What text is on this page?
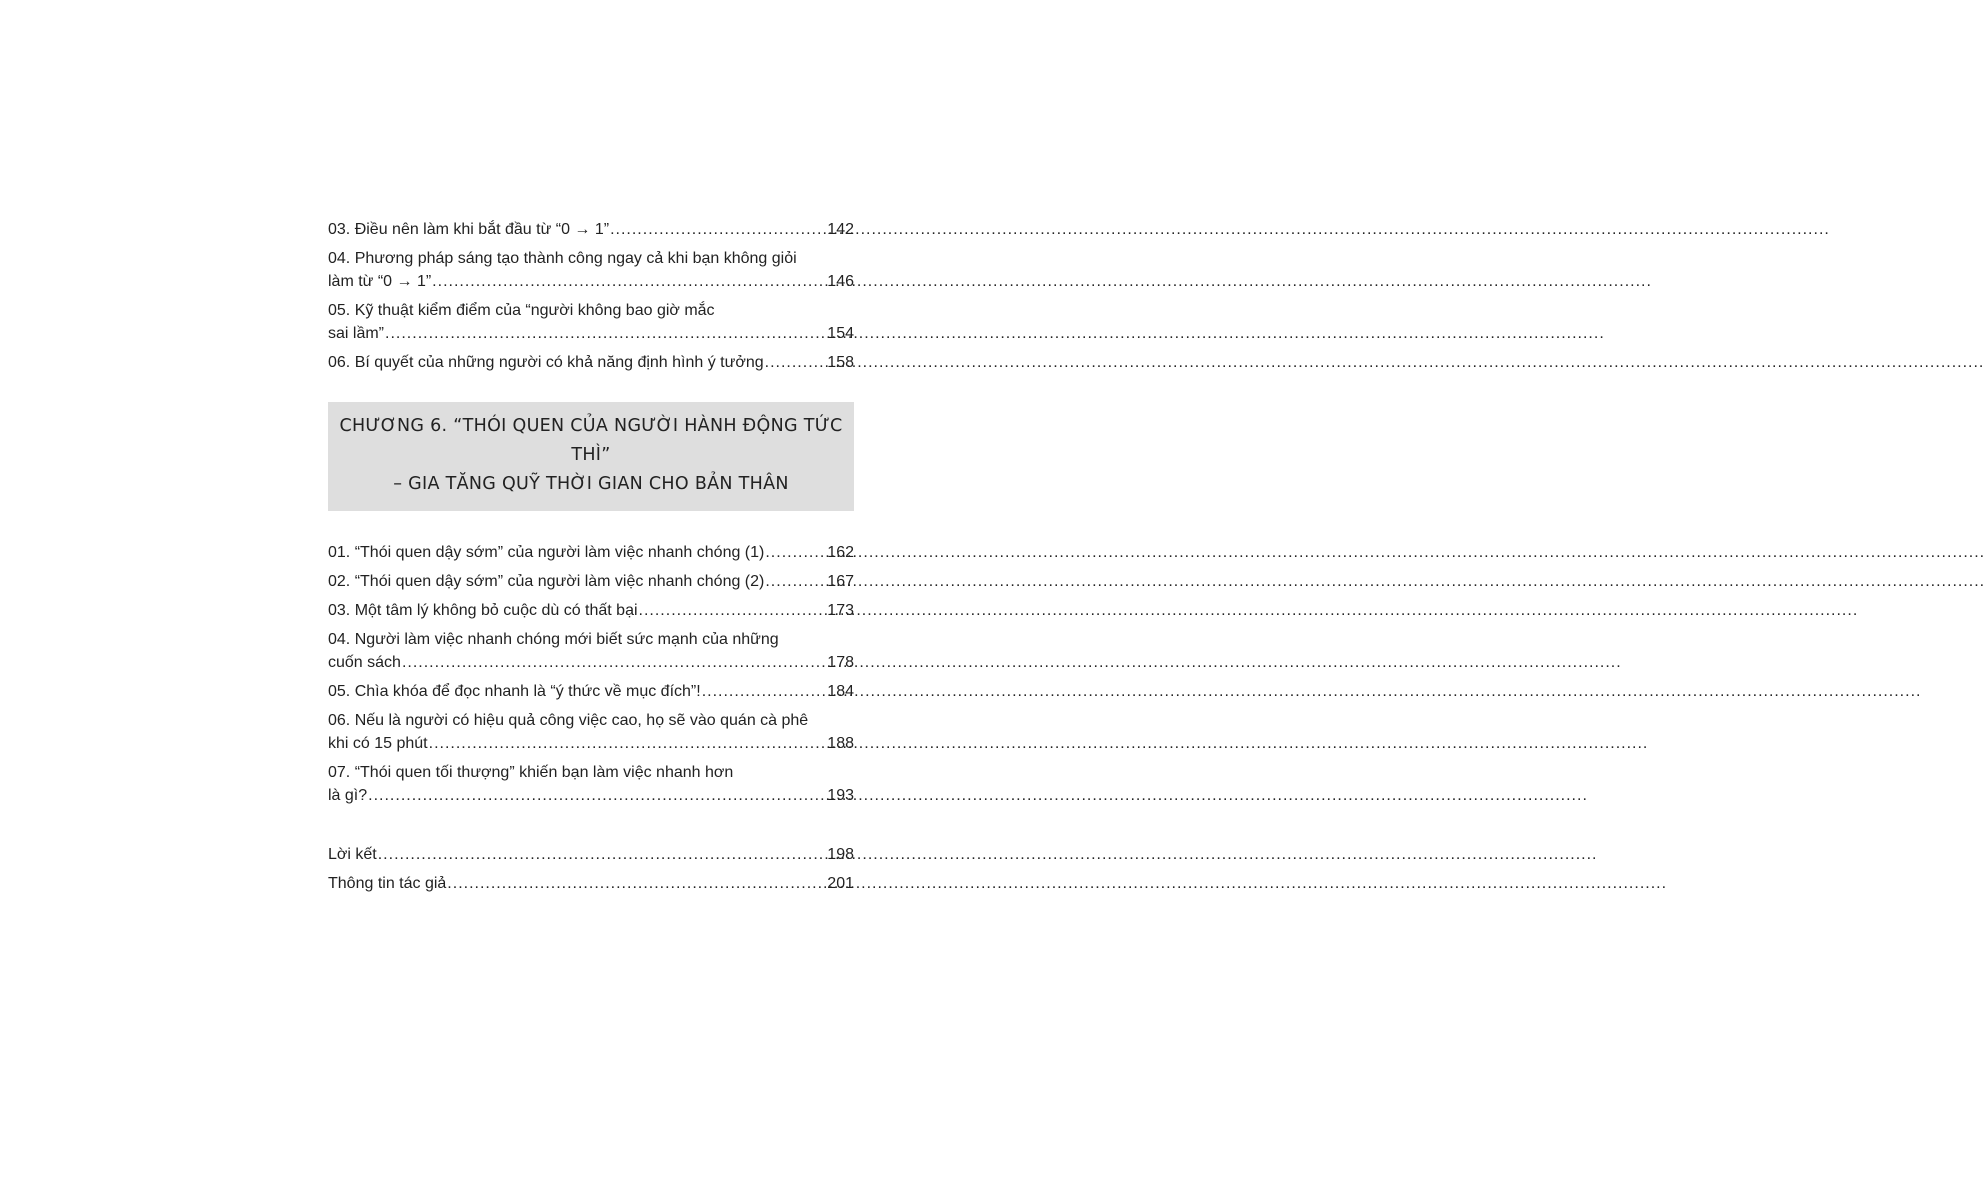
03. Điều nên làm khi bắt đầu từ “0 → 1” .....	142
04. Phương pháp sáng tạo thành công ngay cả khi bạn không giỏi
làm từ “0 → 1” .....	146
05. Kỹ thuật kiểm điểm của “người không bao giờ mắc
sai lầm” .....	154
06. Bí quyết của những người có khả năng định hình ý tưởng .....	158
CHƯƠNG 6. “THÓI QUEN CỦA NGƯỜI HÀNH ĐỘNG TỨC THÌ”
– GIA TĂNG QUỸ THỜI GIAN CHO BẢN THÂN
01. “Thói quen dậy sớm” của người làm việc nhanh chóng (1) .....	162
02. “Thói quen dậy sớm” của người làm việc nhanh chóng (2) .....	167
03. Một tâm lý không bỏ cuộc dù có thất bại .....	173
04. Người làm việc nhanh chóng mới biết sức mạnh của những
cuốn sách .....	178
05. Chìa khóa để đọc nhanh là “ý thức về mục đích”! .....	184
06. Nếu là người có hiệu quả công việc cao, họ sẽ vào quán cà phê
khi có 15 phút .....	188
07. “Thói quen tối thượng” khiến bạn làm việc nhanh hơn
là gì? .....	193
Lời kết .....	198
Thông tin tác giả .....	201
